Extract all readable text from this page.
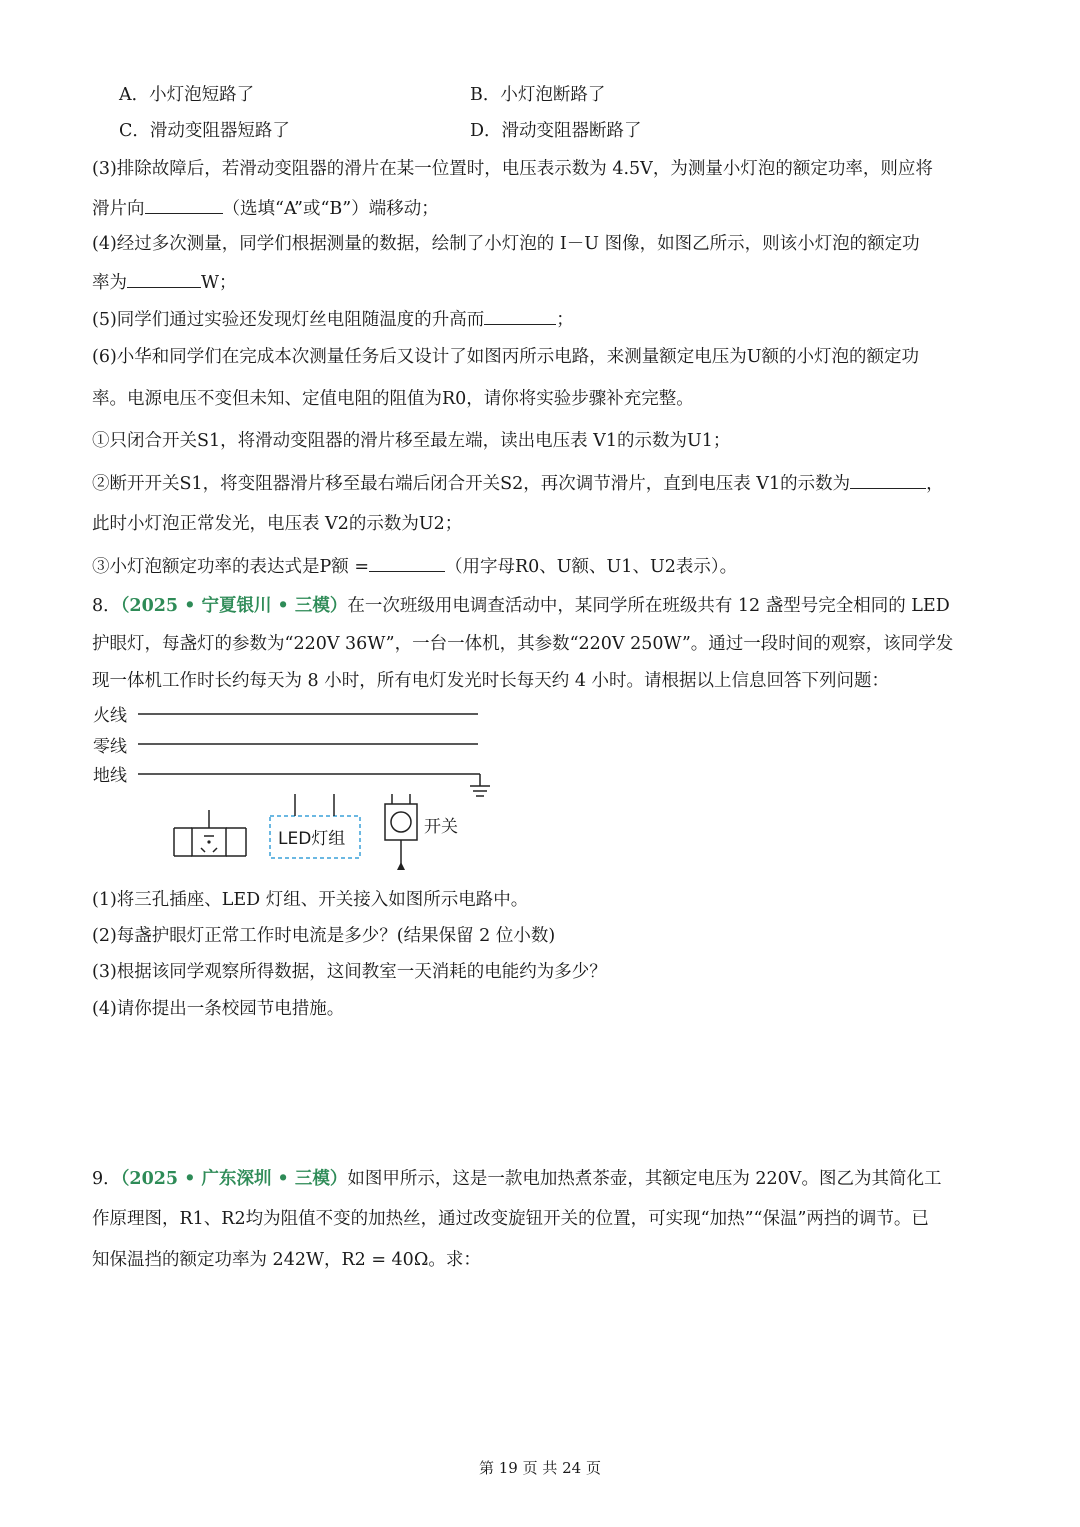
A．小灯泡短路了	B．小灯泡断路了
C．滑动变阻器短路了	D．滑动变阻器断路了
(3)排除故障后，若滑动变阻器的滑片在某一位置时，电压表示数为 4.5V，为测量小灯泡的额定功率，则应将
滑片向	（选填“A”或“B”）端移动；
(4)经过多次测量，同学们根据测量的数据，绘制了小灯泡的 I－U 图像，如图乙所示，则该小灯泡的额定功
率为	W；
(5)同学们通过实验还发现灯丝电阻随温度的升高而	；
(6)小华和同学们在完成本次测量任务后又设计了如图丙所示电路，来测量额定电压为U额的小灯泡的额定功
率。电源电压不变但未知、定值电阻的阻值为R0，请你将实验步骤补充完整。
①只闭合开关S1，将滑动变阻器的滑片移至最左端，读出电压表 V1的示数为U1；
②断开开关S1，将变阻器滑片移至最右端后闭合开关S2，再次调节滑片，直到电压表 V1的示数为	，
此时小灯泡正常发光，电压表 V2的示数为U2；
③小灯泡额定功率的表达式是P额 =	（用字母R0、U额、U1、U2表示）。
8．（2025 • 宁夏银川 • 三模）在一次班级用电调查活动中，某同学所在班级共有 12 盏型号完全相同的 LED
护眼灯，每盏灯的参数为“220V 36W”，一台一体机，其参数“220V 250W”。通过一段时间的观察，该同学发
现一体机工作时长约每天为 8 小时，所有电灯发光时长每天约 4 小时。请根据以上信息回答下列问题：
火线
零线
地线
LED灯组
开关
(1)将三孔插座、LED 灯组、开关接入如图所示电路中。
(2)每盏护眼灯正常工作时电流是多少？(结果保留 2 位小数)
(3)根据该同学观察所得数据，这间教室一天消耗的电能约为多少？
(4)请你提出一条校园节电措施。
9．（2025 • 广东深圳 • 三模）如图甲所示，这是一款电加热煮茶壶，其额定电压为 220V。图乙为其简化工
作原理图，R1、R2均为阻值不变的加热丝，通过改变旋钮开关的位置，可实现“加热”“保温”两挡的调节。已
知保温挡的额定功率为 242W，R2 = 40Ω。求：
第 19 页 共 24 页
